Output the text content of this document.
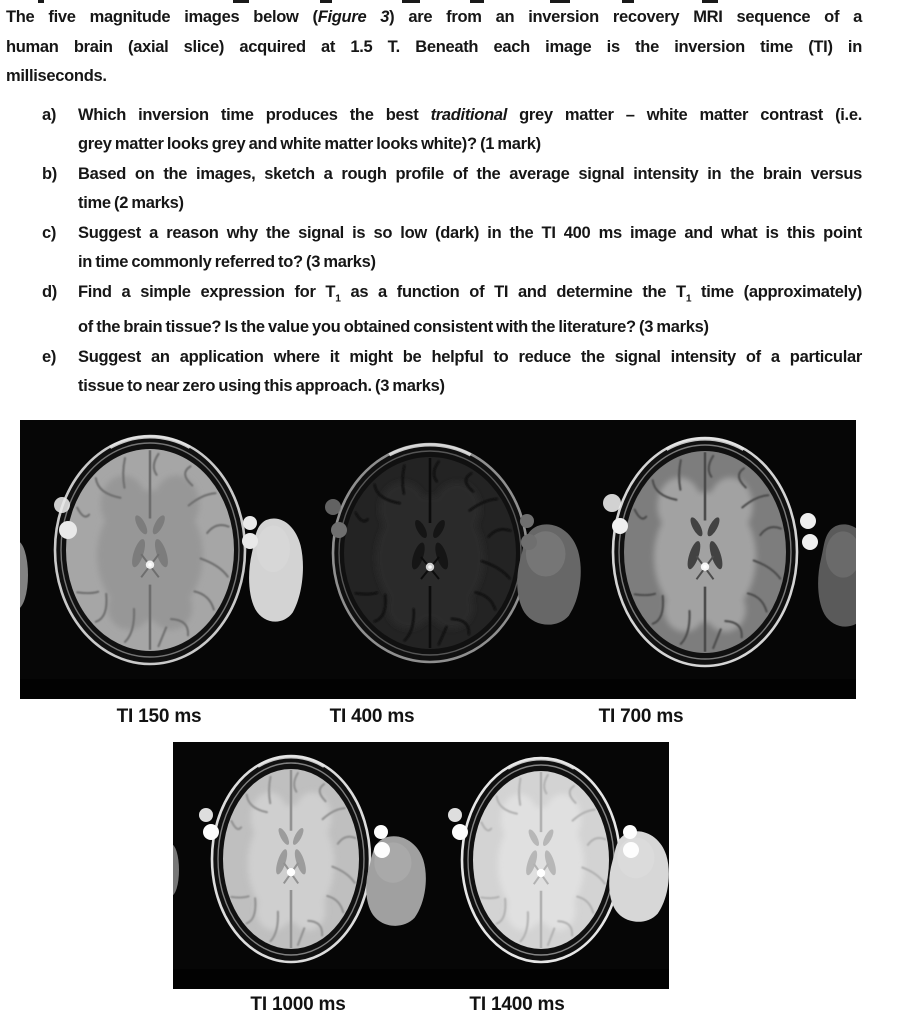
The five magnitude images below (Figure 3) are from an inversion recovery MRI sequence of a
human brain (axial slice) acquired at 1.5 T. Beneath each image is the inversion time (TI) in
milliseconds.
a)	Which inversion time produces the best traditional grey matter – white matter contrast (i.e.
grey matter looks grey and white matter looks white)? (1 mark)
b)	Based on the images, sketch a rough profile of the average signal intensity in the brain versus
time (2 marks)
c)	Suggest a reason why the signal is so low (dark) in the TI 400 ms image and what is this point
in time commonly referred to? (3 marks)
d)	Find a simple expression for $T_1$ as a function of TI and determine the $T_1$ time (approximately)
of the brain tissue? Is the value you obtained consistent with the literature? (3 marks)
e)	Suggest an application where it might be helpful to reduce the signal intensity of a particular
tissue to near zero using this approach. (3 marks)
TI 150 ms	TI 400 ms	TI 700 ms
TI 1000 ms	TI 1400 ms
